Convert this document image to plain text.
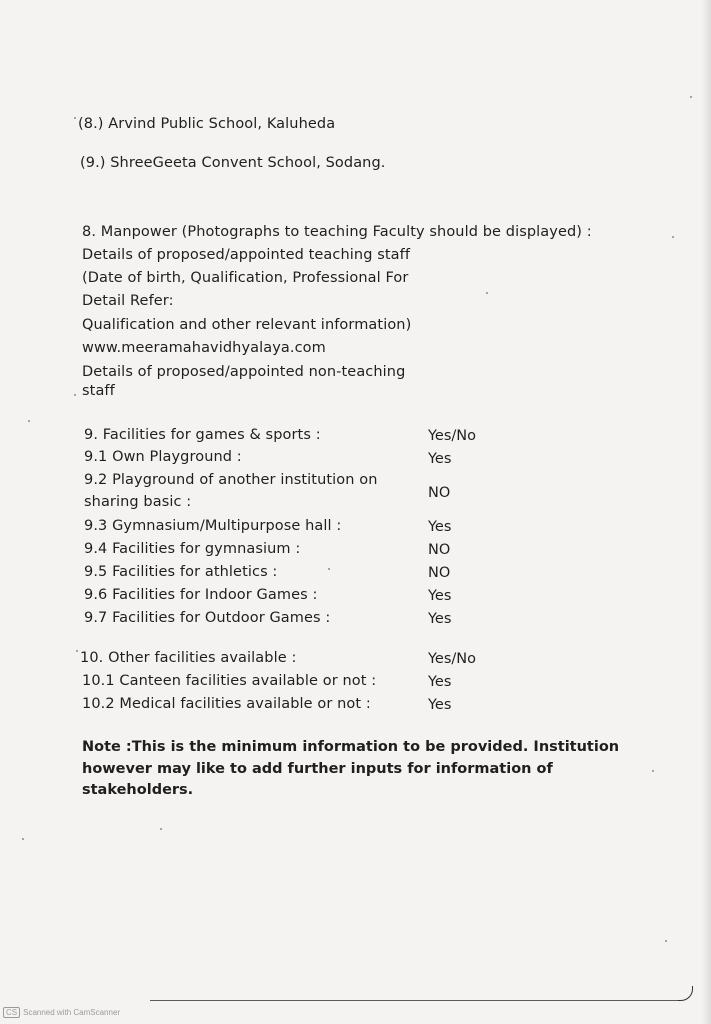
(8.) Arvind Public School, Kaluheda
(9.) ShreeGeeta Convent School, Sodang.
8. Manpower (Photographs to teaching Faculty should be displayed) :
Details of proposed/appointed teaching staff
(Date of birth, Qualification, Professional For
Detail Refer:
Qualification and other relevant information)
www.meeramahavidhyalaya.com
Details of proposed/appointed non-teaching
staff
9. Facilities for games & sports :	Yes/No
9.1 Own Playground :	Yes
9.2 Playground of another institution on
sharing basic :
NO
9.3 Gymnasium/Multipurpose hall :	Yes
9.4 Facilities for gymnasium :	NO
9.5 Facilities for athletics :	NO
9.6 Facilities for Indoor Games :	Yes
9.7 Facilities for Outdoor Games :	Yes
10. Other facilities available :	Yes/No
10.1 Canteen facilities available or not :	Yes
10.2 Medical facilities available or not :	Yes
Note :This is the minimum information to be provided. Institution
however may like to add further inputs for information of
stakeholders.
CS Scanned with CamScanner
